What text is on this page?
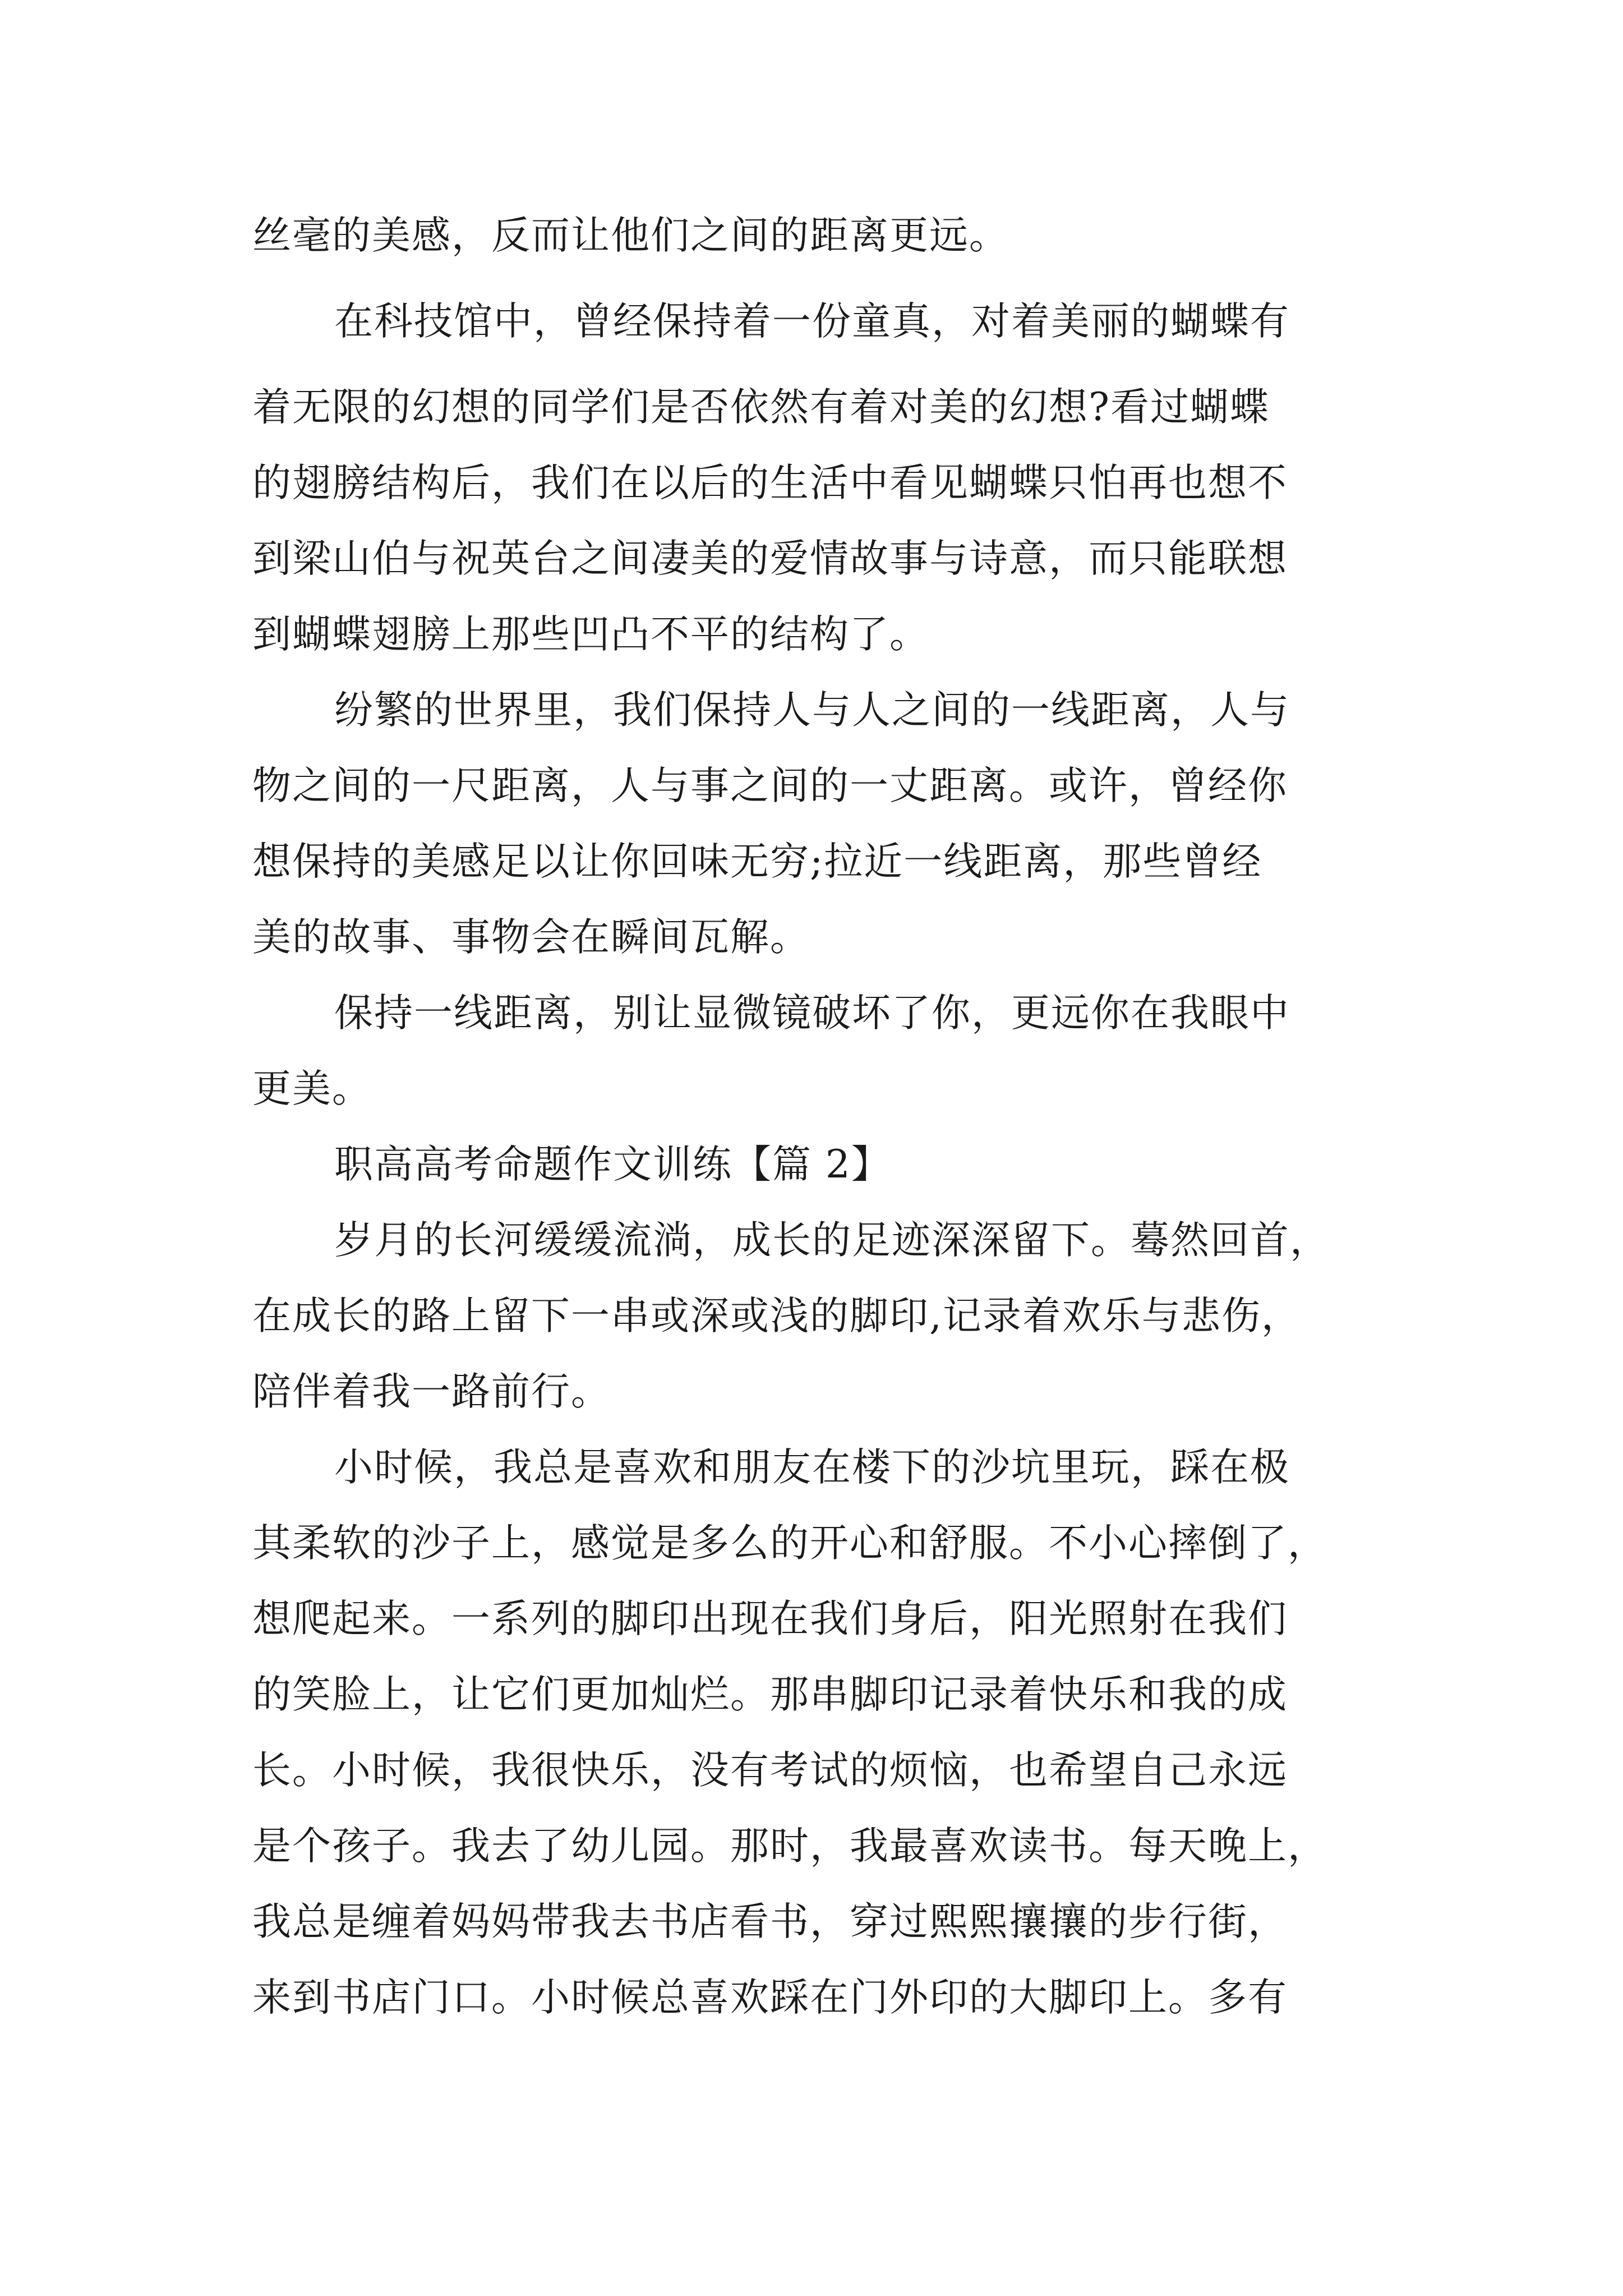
丝毫的美感，反而让他们之间的距离更远。
在科技馆中，曾经保持着一份童真，对着美丽的蝴蝶有
着无限的幻想的同学们是否依然有着对美的幻想?看过蝴蝶
的翅膀结构后，我们在以后的生活中看见蝴蝶只怕再也想不
到梁山伯与祝英台之间凄美的爱情故事与诗意，而只能联想
到蝴蝶翅膀上那些凹凸不平的结构了。
纷繁的世界里，我们保持人与人之间的一线距离，人与
物之间的一尺距离，人与事之间的一丈距离。或许，曾经你
想保持的美感足以让你回味无穷;拉近一线距离，那些曾经
美的故事、事物会在瞬间瓦解。
保持一线距离，别让显微镜破坏了你，更远你在我眼中
更美。
职高高考命题作文训练【篇 2】
岁月的长河缓缓流淌，成长的足迹深深留下。蓦然回首，
在成长的路上留下一串或深或浅的脚印,记录着欢乐与悲伤，
陪伴着我一路前行。
小时候，我总是喜欢和朋友在楼下的沙坑里玩，踩在极
其柔软的沙子上，感觉是多么的开心和舒服。不小心摔倒了，
想爬起来。一系列的脚印出现在我们身后，阳光照射在我们
的笑脸上，让它们更加灿烂。那串脚印记录着快乐和我的成
长。小时候，我很快乐，没有考试的烦恼，也希望自己永远
是个孩子。我去了幼儿园。那时，我最喜欢读书。每天晚上，
我总是缠着妈妈带我去书店看书，穿过熙熙攘攘的步行街，
来到书店门口。小时候总喜欢踩在门外印的大脚印上。多有
